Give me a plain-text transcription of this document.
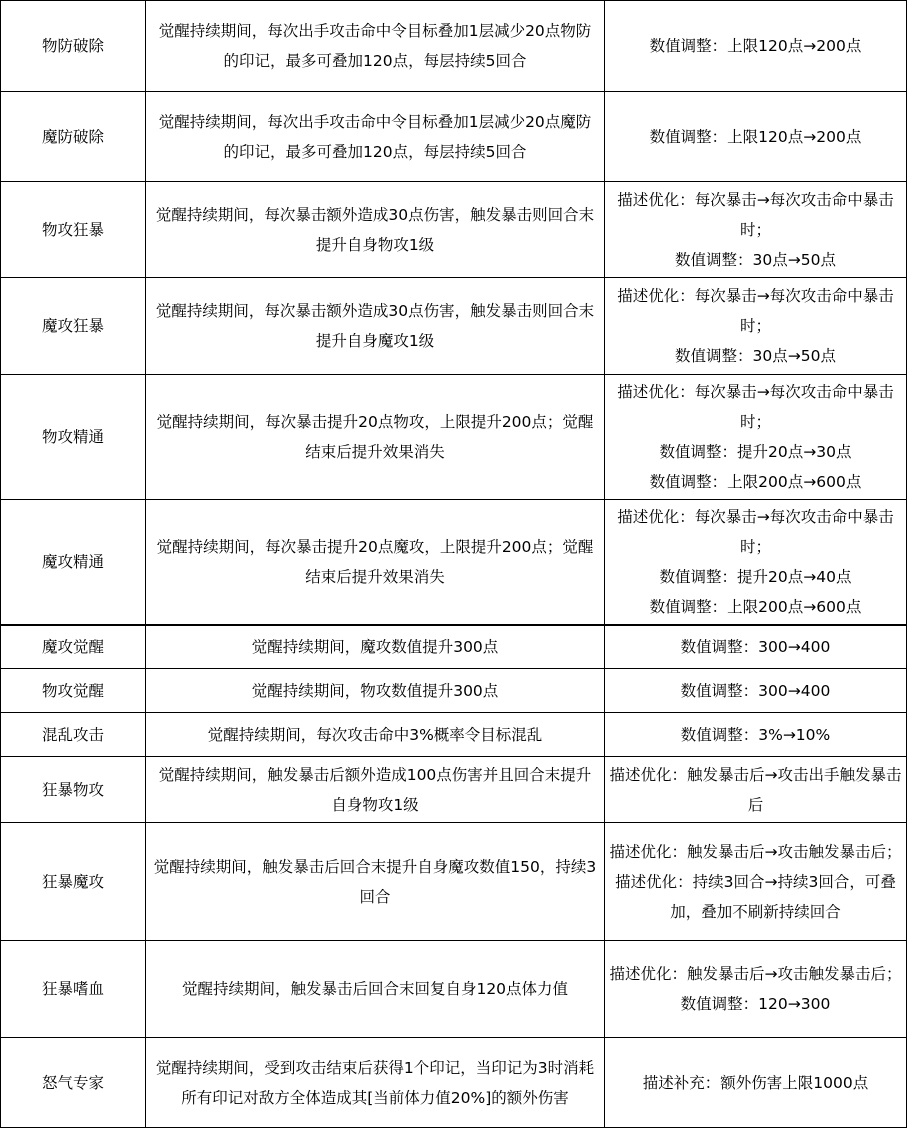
物防破除	觉醒持续期间，每次出手攻击命中令目标叠加1层减少20点物防的印记，最多可叠加120点，每层持续5回合	数值调整：上限120点→200点

魔防破除	觉醒持续期间，每次出手攻击命中令目标叠加1层减少20点魔防的印记，最多可叠加120点，每层持续5回合	数值调整：上限120点→200点

物攻狂暴	觉醒持续期间，每次暴击额外造成30点伤害，触发暴击则回合末提升自身物攻1级	描述优化：每次暴击→每次攻击命中暴击时；
数值调整：30点→50点

魔攻狂暴	觉醒持续期间，每次暴击额外造成30点伤害，触发暴击则回合末提升自身魔攻1级	描述优化：每次暴击→每次攻击命中暴击时；
数值调整：30点→50点

物攻精通	觉醒持续期间，每次暴击提升20点物攻，上限提升200点；觉醒结束后提升效果消失	描述优化：每次暴击→每次攻击命中暴击时；
数值调整：提升20点→30点
数值调整：上限200点→600点

魔攻精通	觉醒持续期间，每次暴击提升20点魔攻，上限提升200点；觉醒结束后提升效果消失	描述优化：每次暴击→每次攻击命中暴击时；
数值调整：提升20点→40点
数值调整：上限200点→600点

魔攻觉醒	觉醒持续期间，魔攻数值提升300点	数值调整：300→400

物攻觉醒	觉醒持续期间，物攻数值提升300点	数值调整：300→400

混乱攻击	觉醒持续期间，每次攻击命中3%概率令目标混乱	数值调整：3%→10%

狂暴物攻	觉醒持续期间，触发暴击后额外造成100点伤害并且回合末提升自身物攻1级	描述优化：触发暴击后→攻击出手触发暴击后

狂暴魔攻	觉醒持续期间，触发暴击后回合末提升自身魔攻数值150，持续3回合	描述优化：触发暴击后→攻击触发暴击后；
描述优化：持续3回合→持续3回合，可叠加，叠加不刷新持续回合

狂暴嗜血	觉醒持续期间，触发暴击后回合末回复自身120点体力值	描述优化：触发暴击后→攻击触发暴击后；
数值调整：120→300

怒气专家	觉醒持续期间，受到攻击结束后获得1个印记，当印记为3时消耗所有印记对敌方全体造成其[当前体力值20%]的额外伤害	描述补充：额外伤害上限1000点
